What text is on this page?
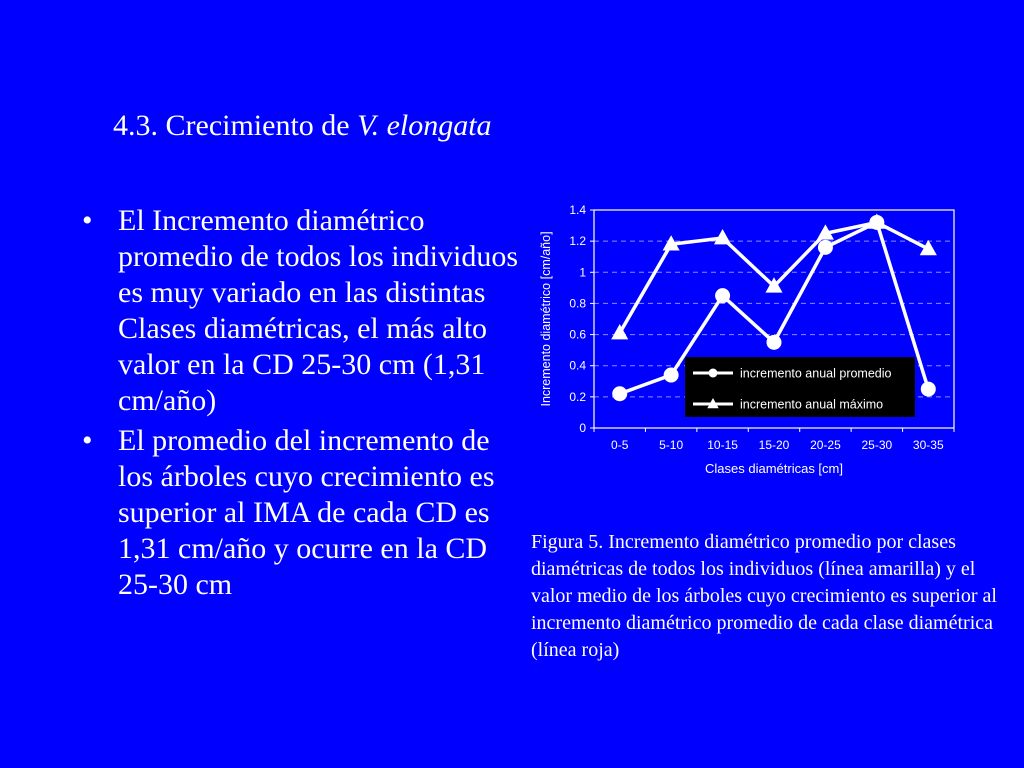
4.3. Crecimiento de V. elongata
• El Incremento diamétrico promedio de todos los individuos es muy variado en las distintas Clases diamétricas, el más alto valor en la CD 25-30 cm (1,31 cm/año)
• El promedio del incremento de los árboles cuyo crecimiento es superior al IMA de cada CD es 1,31 cm/año y ocurre en la CD 25-30 cm
0
0.2
0.4
0.6
0.8
1
1.2
1.4
0-5	5-10 10-15 15-20 20-25 25-30 30-35
Clases diamétricas [cm]
Incremento diamétrico [cm/año]	incremento anual promedio
incremento anual máximo

Figura 5. Incremento diamétrico promedio por clases diamétricas de todos los individuos (línea amarilla) y el valor medio de los árboles cuyo crecimiento es superior al incremento diamétrico promedio de cada clase diamétrica (línea roja)
